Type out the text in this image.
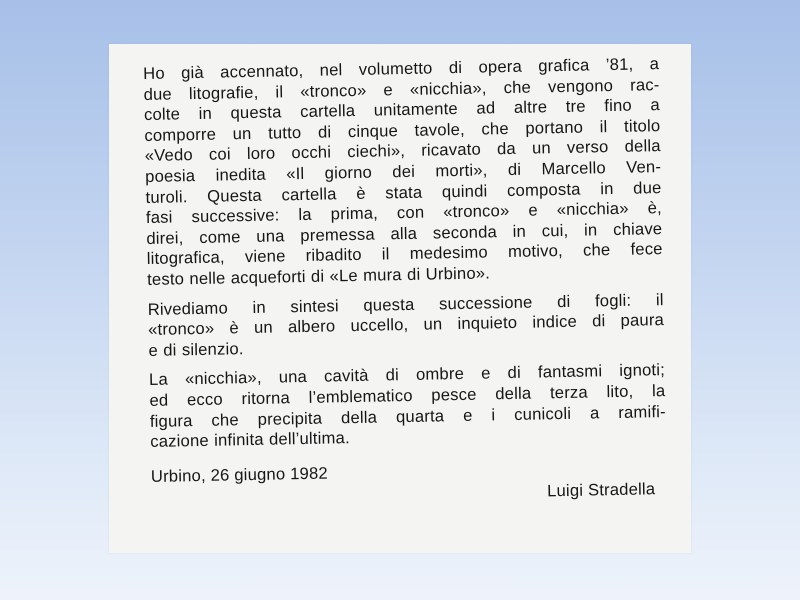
Ho già accennato, nel volumetto di opera grafica ’81, a
due litografie, il «tronco» e «nicchia», che vengono rac-
colte in questa cartella unitamente ad altre tre fino a
comporre un tutto di cinque tavole, che portano il titolo
«Vedo coi loro occhi ciechi», ricavato da un verso della
poesia inedita «Il giorno dei morti», di Marcello Ven-
turoli. Questa cartella è stata quindi composta in due
fasi successive: la prima, con «tronco» e «nicchia» è,
direi, come una premessa alla seconda in cui, in chiave
litografica, viene ribadito il medesimo motivo, che fece
testo nelle acqueforti di «Le mura di Urbino».

Rivediamo in sintesi questa successione di fogli: il
«tronco» è un albero uccello, un inquieto indice di paura
e di silenzio.

La «nicchia», una cavità di ombre e di fantasmi ignoti;
ed ecco ritorna l’emblematico pesce della terza lito, la
figura che precipita della quarta e i cunicoli a ramifi-
cazione infinita dell’ultima.

Urbino, 26 giugno 1982
Luigi Stradella
